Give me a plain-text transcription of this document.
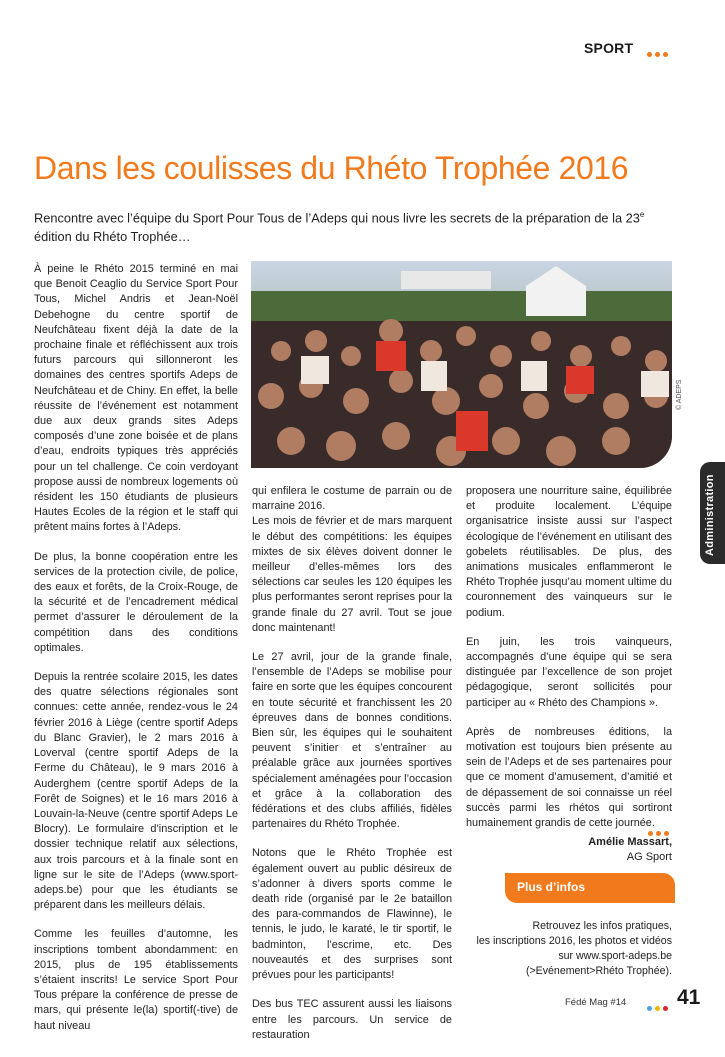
SPORT
Dans les coulisses du Rhéto Trophée 2016
Rencontre avec l’équipe du Sport Pour Tous de l’Adeps qui nous livre les secrets de la préparation de la 23e édition du Rhéto Trophée…
© ADEPS
Administration

À peine le Rhéto 2015 terminé en mai que Benoit Ceaglio du Service Sport Pour Tous, Michel Andris et Jean-Noël Debehogne du centre sportif de Neufchâteau fixent déjà la date de la prochaine finale et réfléchissent aux trois futurs parcours qui sillonneront les domaines des centres sportifs Adeps de Neufchâteau et de Chiny. En effet, la belle réussite de l’événement est notamment due aux deux grands sites Adeps composés d’une zone boisée et de plans d’eau, endroits typiques très appréciés pour un tel challenge. Ce coin verdoyant propose aussi de nombreux logements où résident les 150 étudiants de plusieurs Hautes Ecoles de la région et le staff qui prêtent mains fortes à l’Adeps.

De plus, la bonne coopération entre les services de la protection civile, de police, des eaux et forêts, de la Croix-Rouge, de la sécurité et de l’encadrement médical permet d’assurer le déroulement de la compétition dans des conditions optimales.

Depuis la rentrée scolaire 2015, les dates des quatre sélections régionales sont connues: cette année, rendez-vous le 24 février 2016 à Liège (centre sportif Adeps du Blanc Gravier), le 2 mars 2016 à Loverval (centre sportif Adeps de la Ferme du Château), le 9 mars 2016 à Auderghem (centre sportif Adeps de la Forêt de Soignes) et le 16 mars 2016 à Louvain-la-Neuve (centre sportif Adeps Le Blocry). Le formulaire d’inscription et le dossier technique relatif aux sélections, aux trois parcours et à la finale sont en ligne sur le site de l’Adeps (www.sport-adeps.be) pour que les étudiants se préparent dans les meilleurs délais.

Comme les feuilles d’automne, les inscriptions tombent abondamment: en 2015, plus de 195 établissements s’étaient inscrits! Le service Sport Pour Tous prépare la conférence de presse de mars, qui présente le(la) sportif(-tive) de haut niveau

qui enfilera le costume de parrain ou de marraine 2016.
Les mois de février et de mars marquent le début des compétitions: les équipes mixtes de six élèves doivent donner le meilleur d’elles-mêmes lors des sélections car seules les 120 équipes les plus performantes seront reprises pour la grande finale du 27 avril. Tout se joue donc maintenant!

Le 27 avril, jour de la grande finale, l’ensemble de l’Adeps se mobilise pour faire en sorte que les équipes concourent en toute sécurité et franchissent les 20 épreuves dans de bonnes conditions. Bien sûr, les équipes qui le souhaitent peuvent s’initier et s’entraîner au préalable grâce aux journées sportives spécialement aménagées pour l’occasion et grâce à la collaboration des fédérations et des clubs affiliés, fidèles partenaires du Rhéto Trophée.

Notons que le Rhéto Trophée est également ouvert au public désireux de s’adonner à divers sports comme le death ride (organisé par le 2e bataillon des para-commandos de Flawinne), le tennis, le judo, le karaté, le tir sportif, le badminton, l’escrime, etc. Des nouveautés et des surprises sont prévues pour les participants!

Des bus TEC assurent aussi les liaisons entre les parcours. Un service de restauration

proposera une nourriture saine, équilibrée et produite localement. L’équipe organisatrice insiste aussi sur l’aspect écologique de l’événement en utilisant des gobelets réutilisables. De plus, des animations musicales enflammeront le Rhéto Trophée jusqu’au moment ultime du couronnement des vainqueurs sur le podium.

En juin, les trois vainqueurs, accompagnés d’une équipe qui se sera distinguée par l’excellence de son projet pédagogique, seront sollicités pour participer au « Rhéto des Champions ».

Après de nombreuses éditions, la motivation est toujours bien présente au sein de l’Adeps et de ses partenaires pour que ce moment d’amusement, d’amitié et de dépassement de soi connaisse un réel succès parmi les rhétos qui sortiront humainement grandis de cette journée.

Amélie Massart,
AG Sport
Plus d’infos
Retrouvez les infos pratiques,
les inscriptions 2016, les photos et vidéos
sur www.sport-adeps.be
(>Evénement>Rhéto Trophée).
Fédé Mag #14 41
